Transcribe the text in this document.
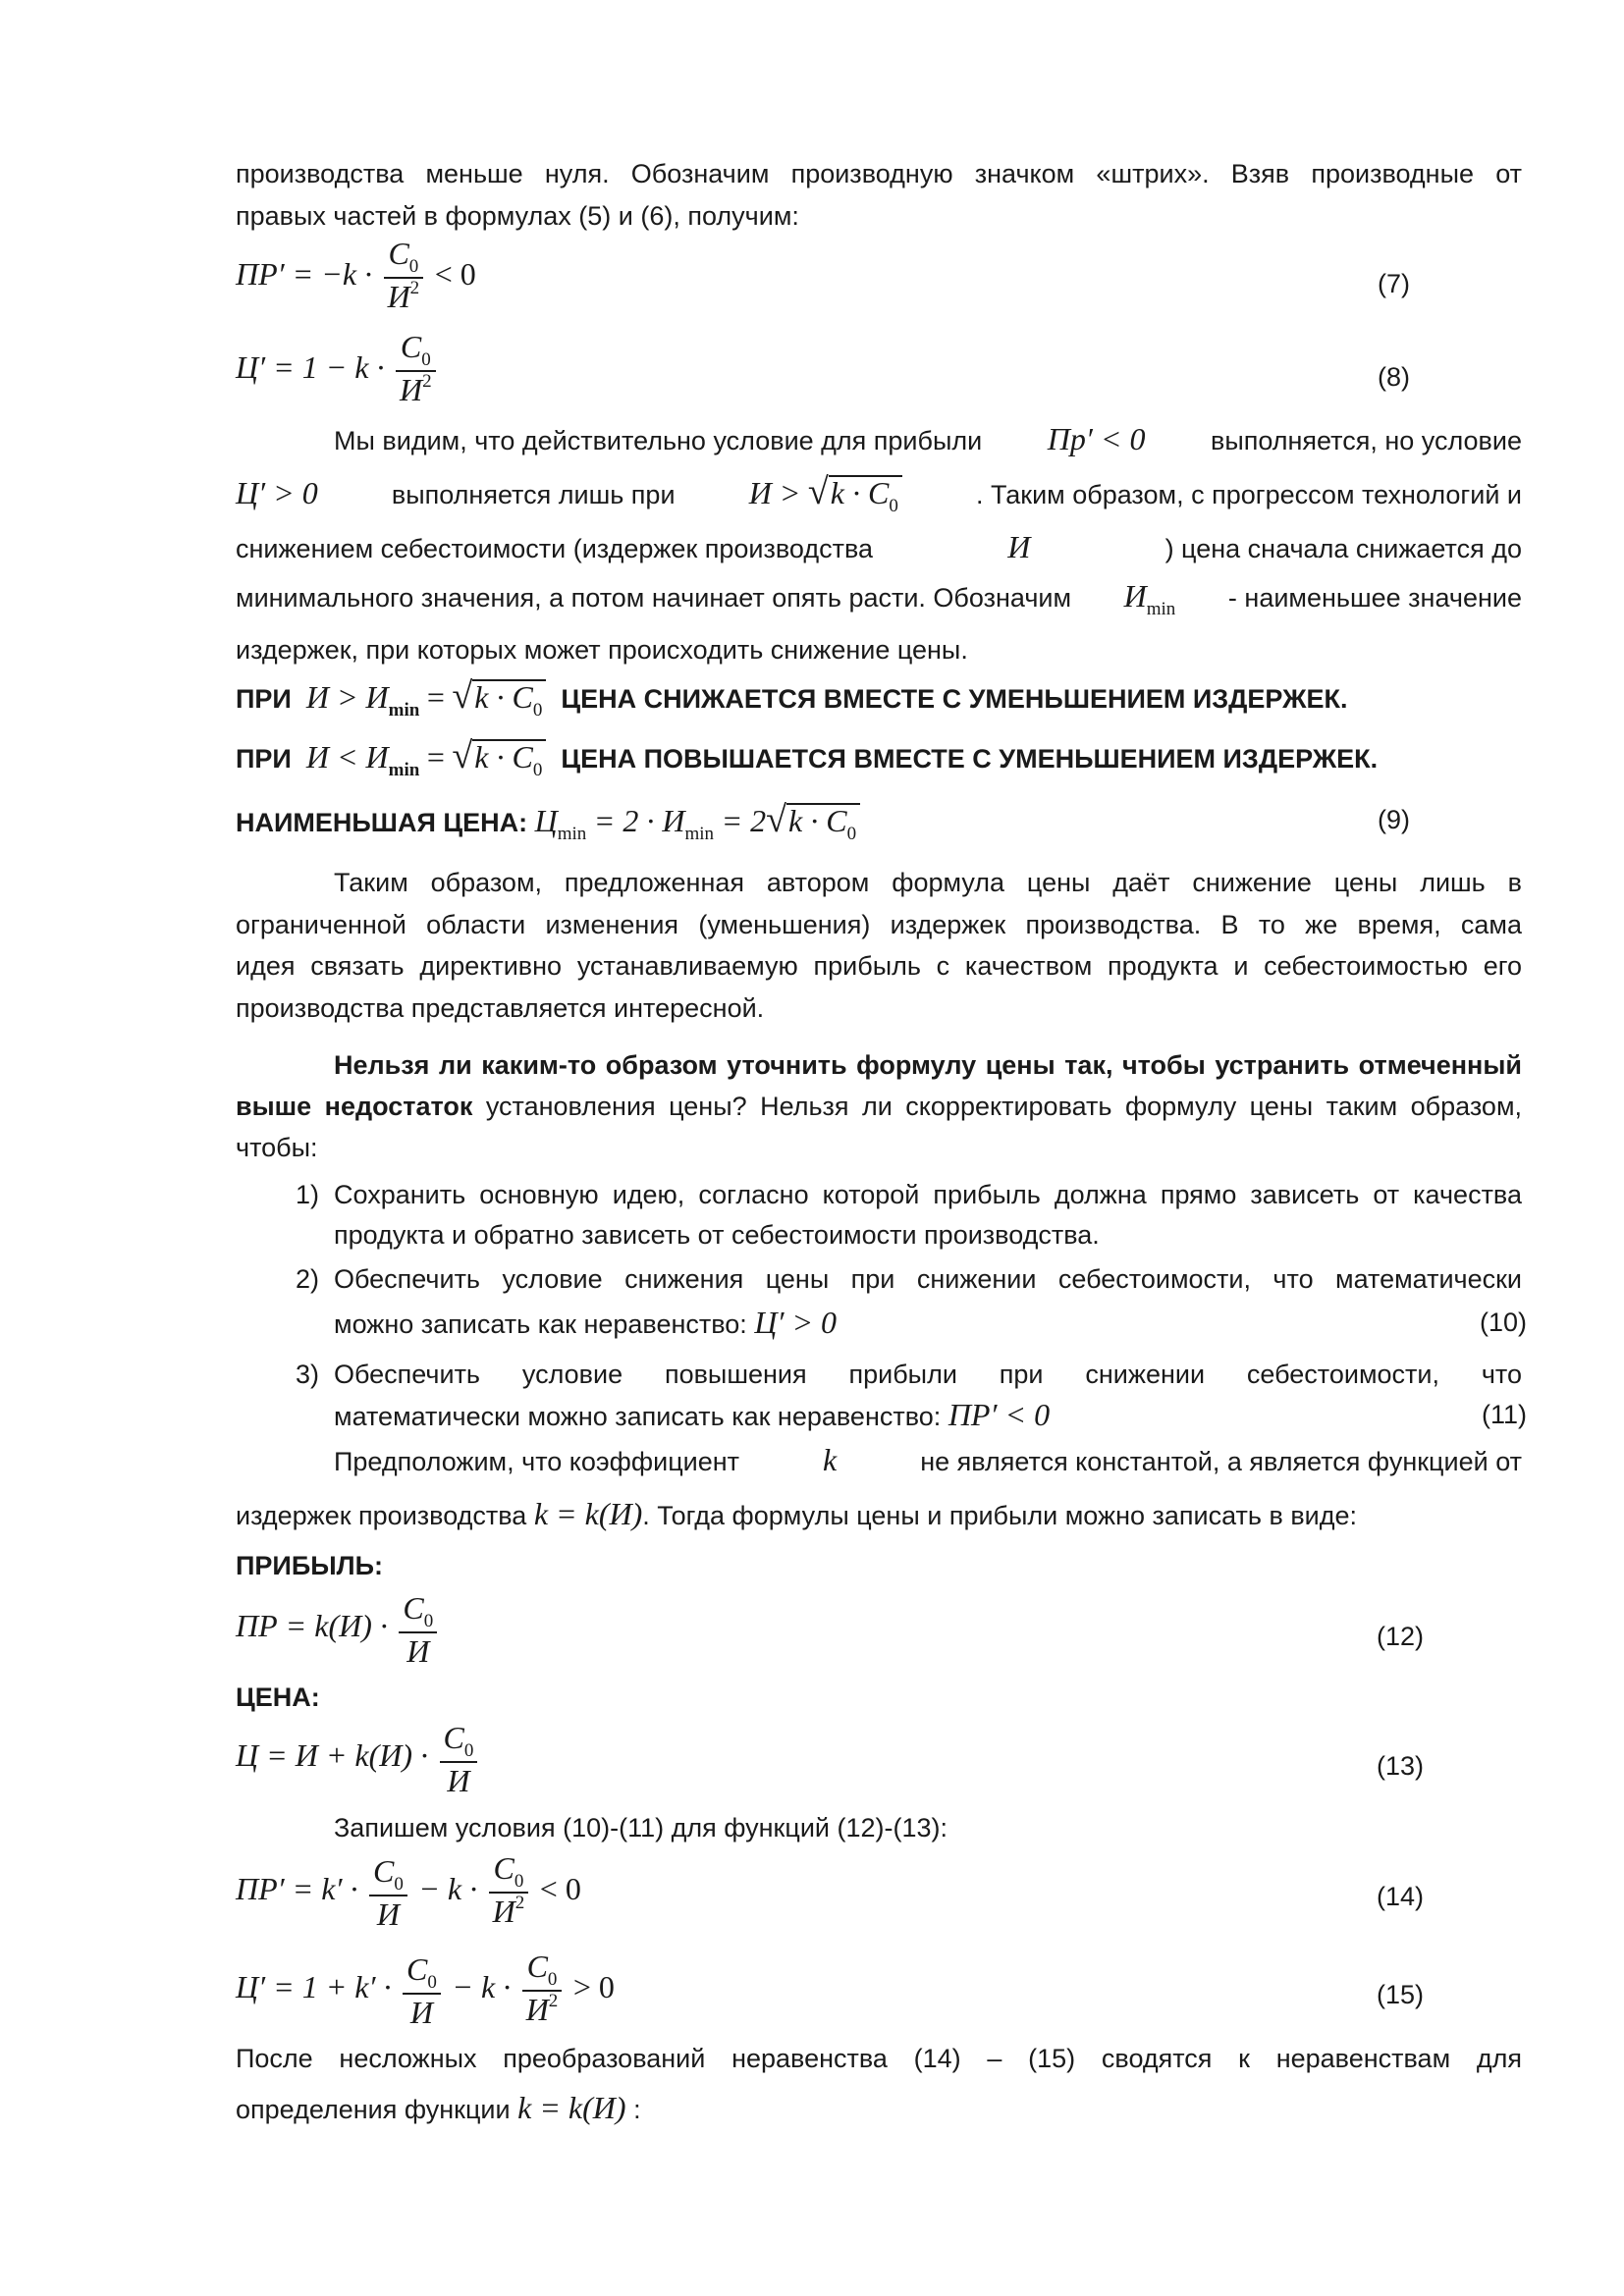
производства меньше нуля. Обозначим производную значком «штрих». Взяв производные от
правых частей в формулах (5) и (6), получим:
$ПР' = -k \cdot \frac{C_0}{И^2} < 0$	(7)
$Ц' = 1 - k \cdot \frac{C_0}{И^2}$	(8)
Мы видим, что действительно условие для прибыли Пр′ < 0 выполняется, но условие
Ц′ > 0	выполняется лишь при $И > √k \cdot C_0$	. Таким образом, с прогрессом технологий и
снижением себестоимости (издержек производства	И	) цена сначала снижается до
минимального значения, а потом начинает опять расти. Обозначим $И_{min}$ - наименьшее значение
издержек, при которых может происходить снижение цены.
ПРИ $И > И_{min} = √k \cdot C_0$ ЦЕНА СНИЖАЕТСЯ ВМЕСТЕ С УМЕНЬШЕНИЕМ ИЗДЕРЖЕК.
ПРИ $И < И_{min} = √k \cdot C_0$ ЦЕНА ПОВЫШАЕТСЯ ВМЕСТЕ С УМЕНЬШЕНИЕМ ИЗДЕРЖЕК.
НАИМЕНЬШАЯ ЦЕНА: $Ц_{min} = 2 \cdot И_{min} = 2√k \cdot C_0$	(9)
Таким образом, предложенная автором формула цены даёт снижение цены лишь в
ограниченной области изменения (уменьшения) издержек производства. В то же время, сама
идея связать директивно устанавливаемую прибыль с качеством продукта и себестоимостью его
производства представляется интересной.
Нельзя ли каким-то образом уточнить формулу цены так, чтобы устранить отмеченный
выше недостаток установления цены? Нельзя ли скорректировать формулу цены таким образом,
чтобы:
1) Сохранить основную идею, согласно которой прибыль должна прямо зависеть от качества
продукта и обратно зависеть от себестоимости производства.
2) Обеспечить условие снижения цены при снижении себестоимости, что математически
можно записать как неравенство: Ц′ > 0	(10)
3) Обеспечить условие повышения прибыли при снижении себестоимости, что
математически можно записать как неравенство: ПР′ < 0	(11)
Предположим, что коэффициент	k	не является константой, а является функцией от
издержек производства k = k(И). Тогда формулы цены и прибыли можно записать в виде:
ПРИБЫЛЬ:
ПР = $k(И) \cdot \frac{C_0}{И}$	(12)
ЦЕНА:
$Ц = И + k(И) \cdot \frac{C_0}{И}$	(13)
Запишем условия (10)-(11) для функций (12)-(13):
$ПР' = k' \cdot \frac{C_0}{И} - k \cdot \frac{C_0}{И^2} < 0$	(14)
$Ц' = 1 + k' \cdot \frac{C_0}{И} - k \cdot \frac{C_0}{И^2} > 0$	(15)
После несложных преобразований неравенства (14) – (15) сводятся к неравенствам для
определения функции k = k(И) :
